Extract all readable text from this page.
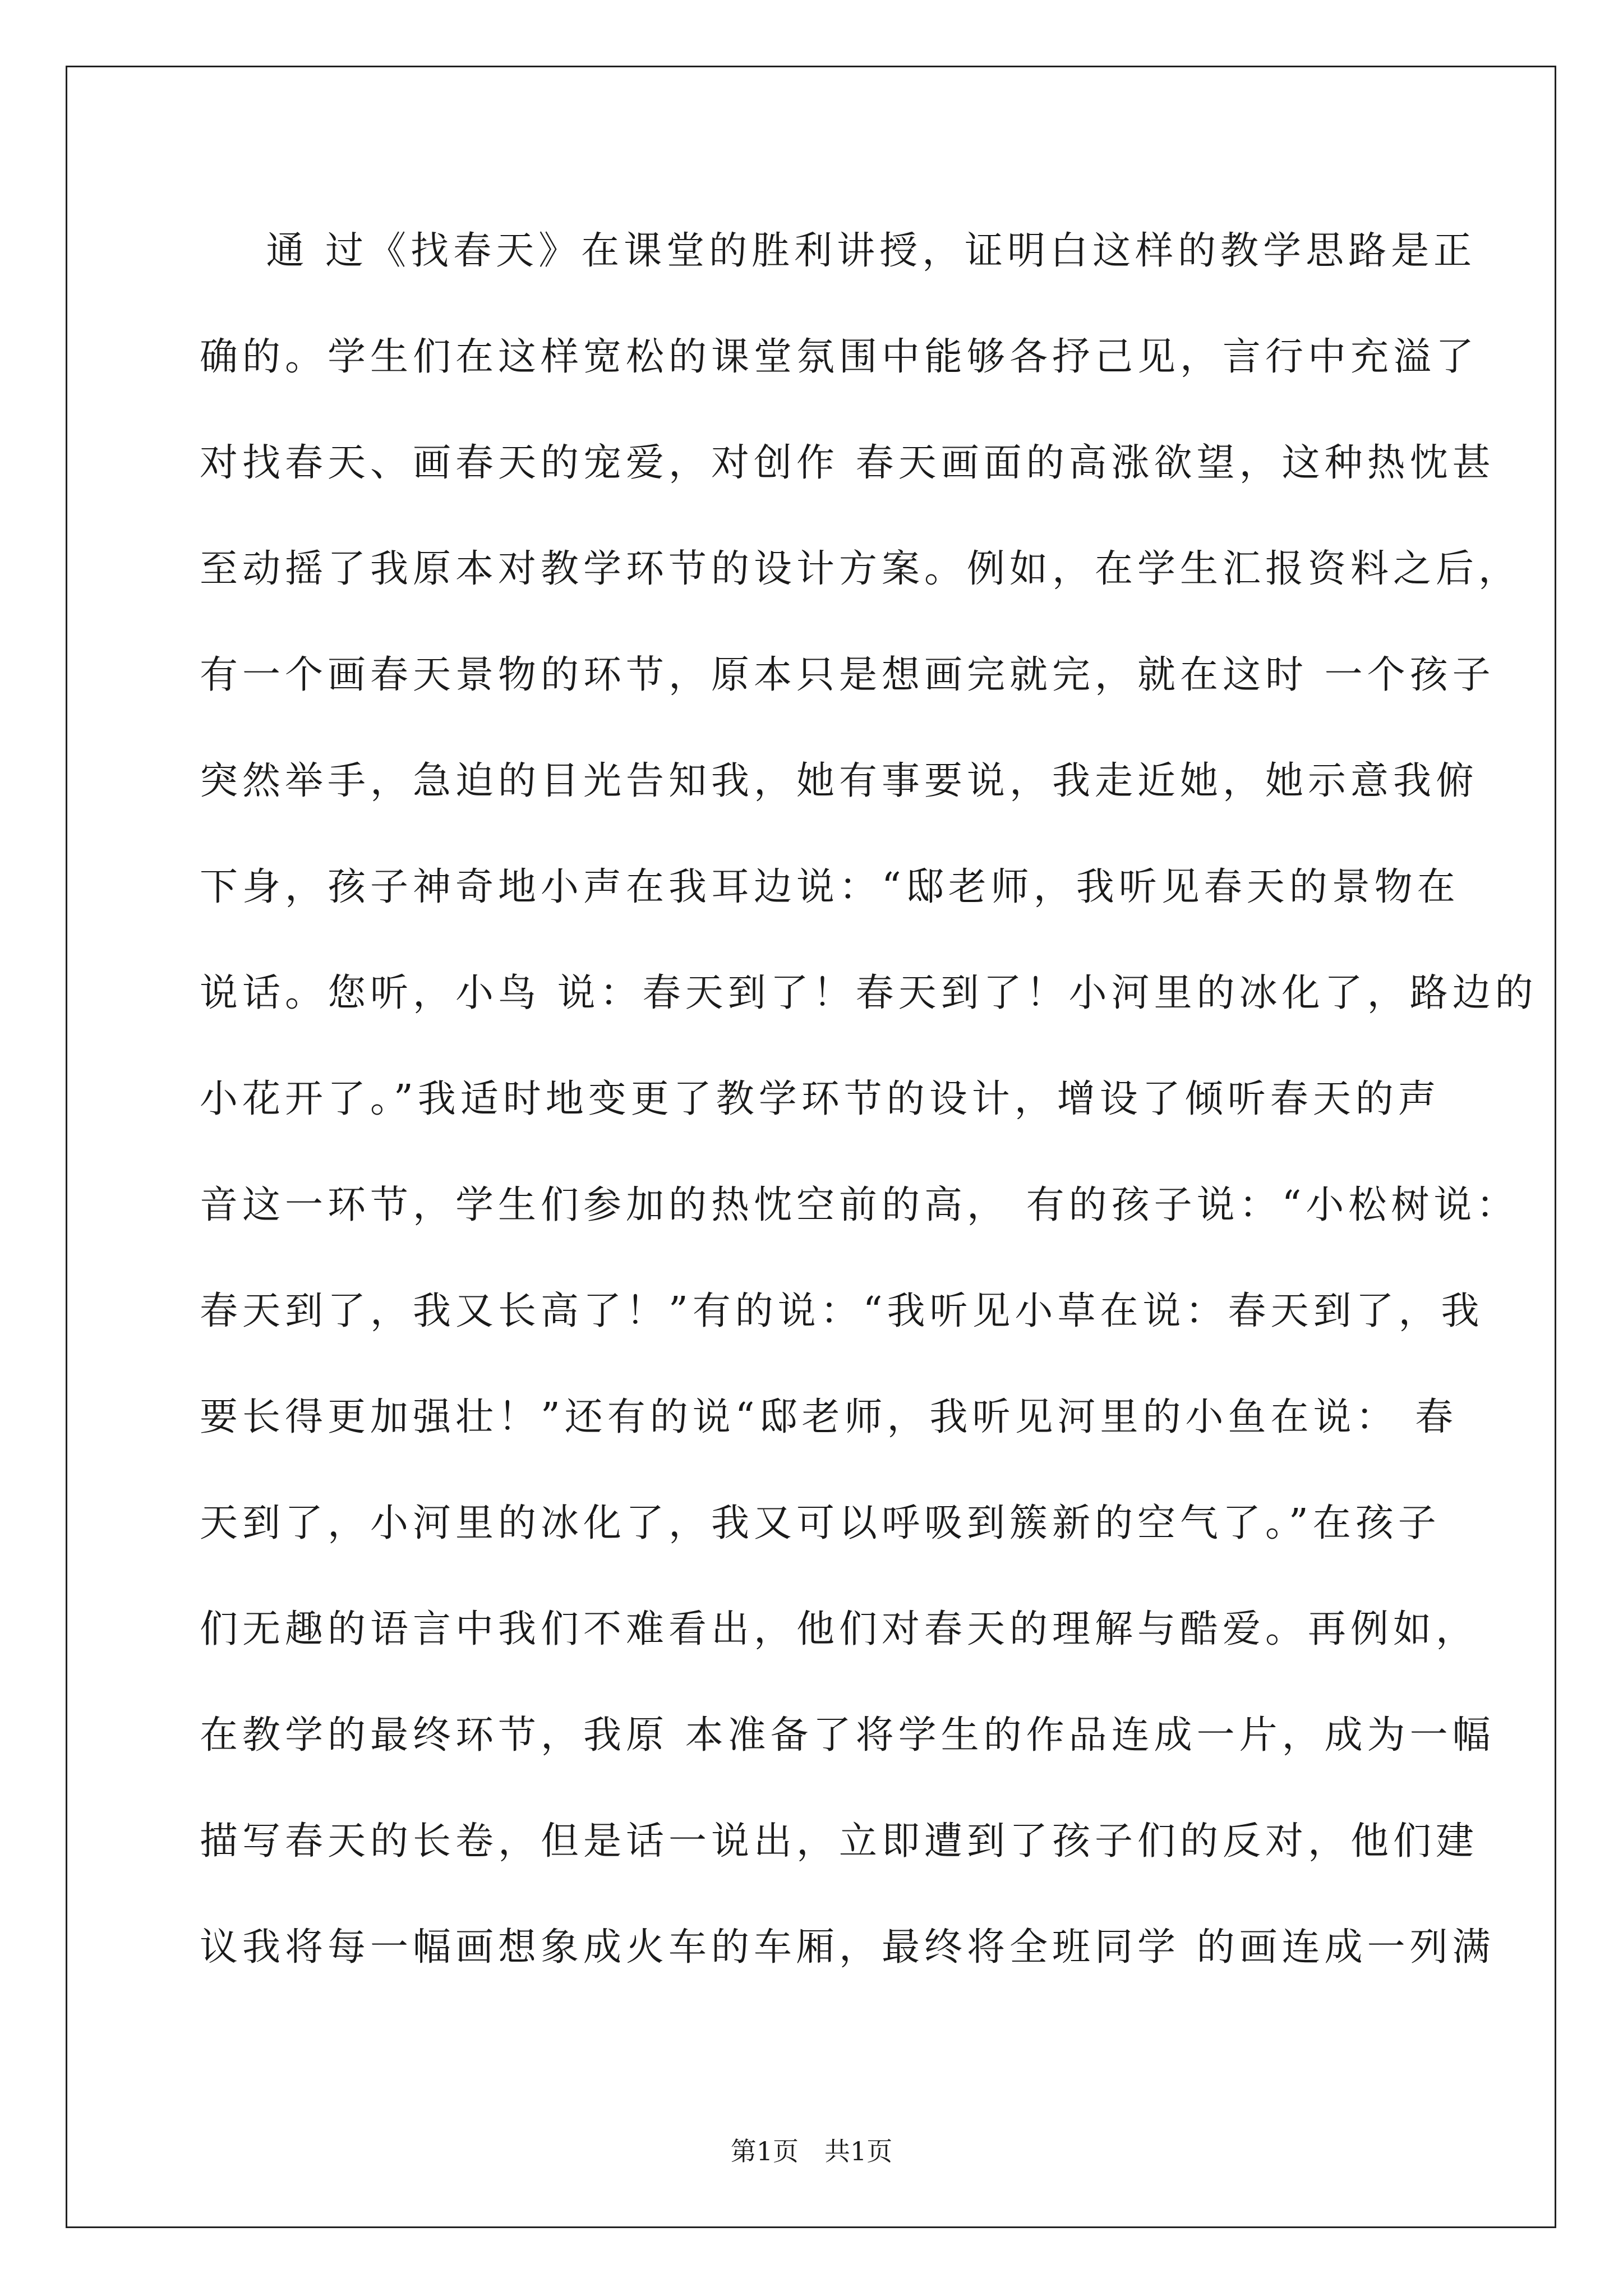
通 过《找春天》在课堂的胜利讲授，证明白这样的教学思路是正
确的。学生们在这样宽松的课堂氛围中能够各抒己见，言行中充溢了
对找春天、画春天的宠爱，对创作 春天画面的高涨欲望，这种热忱甚
至动摇了我原本对教学环节的设计方案。例如，在学生汇报资料之后，
有一个画春天景物的环节，原本只是想画完就完，就在这时 一个孩子
突然举手，急迫的目光告知我，她有事要说，我走近她，她示意我俯
下身，孩子神奇地小声在我耳边说：“邸老师，我听见春天的景物在
说话。您听，小鸟 说：春天到了！春天到了！小河里的冰化了，路边的
小花开了。”我适时地变更了教学环节的设计，增设了倾听春天的声
音这一环节，学生们参加的热忱空前的高， 有的孩子说：“小松树说：
春天到了，我又长高了！”有的说：“我听见小草在说：春天到了，我
要长得更加强壮！”还有的说“邸老师，我听见河里的小鱼在说： 春
天到了，小河里的冰化了，我又可以呼吸到簇新的空气了。”在孩子
们无趣的语言中我们不难看出，他们对春天的理解与酷爱。再例如，
在教学的最终环节，我原 本准备了将学生的作品连成一片，成为一幅
描写春天的长卷，但是话一说出，立即遭到了孩子们的反对，他们建
议我将每一幅画想象成火车的车厢，最终将全班同学 的画连成一列满
第1页　共1页
